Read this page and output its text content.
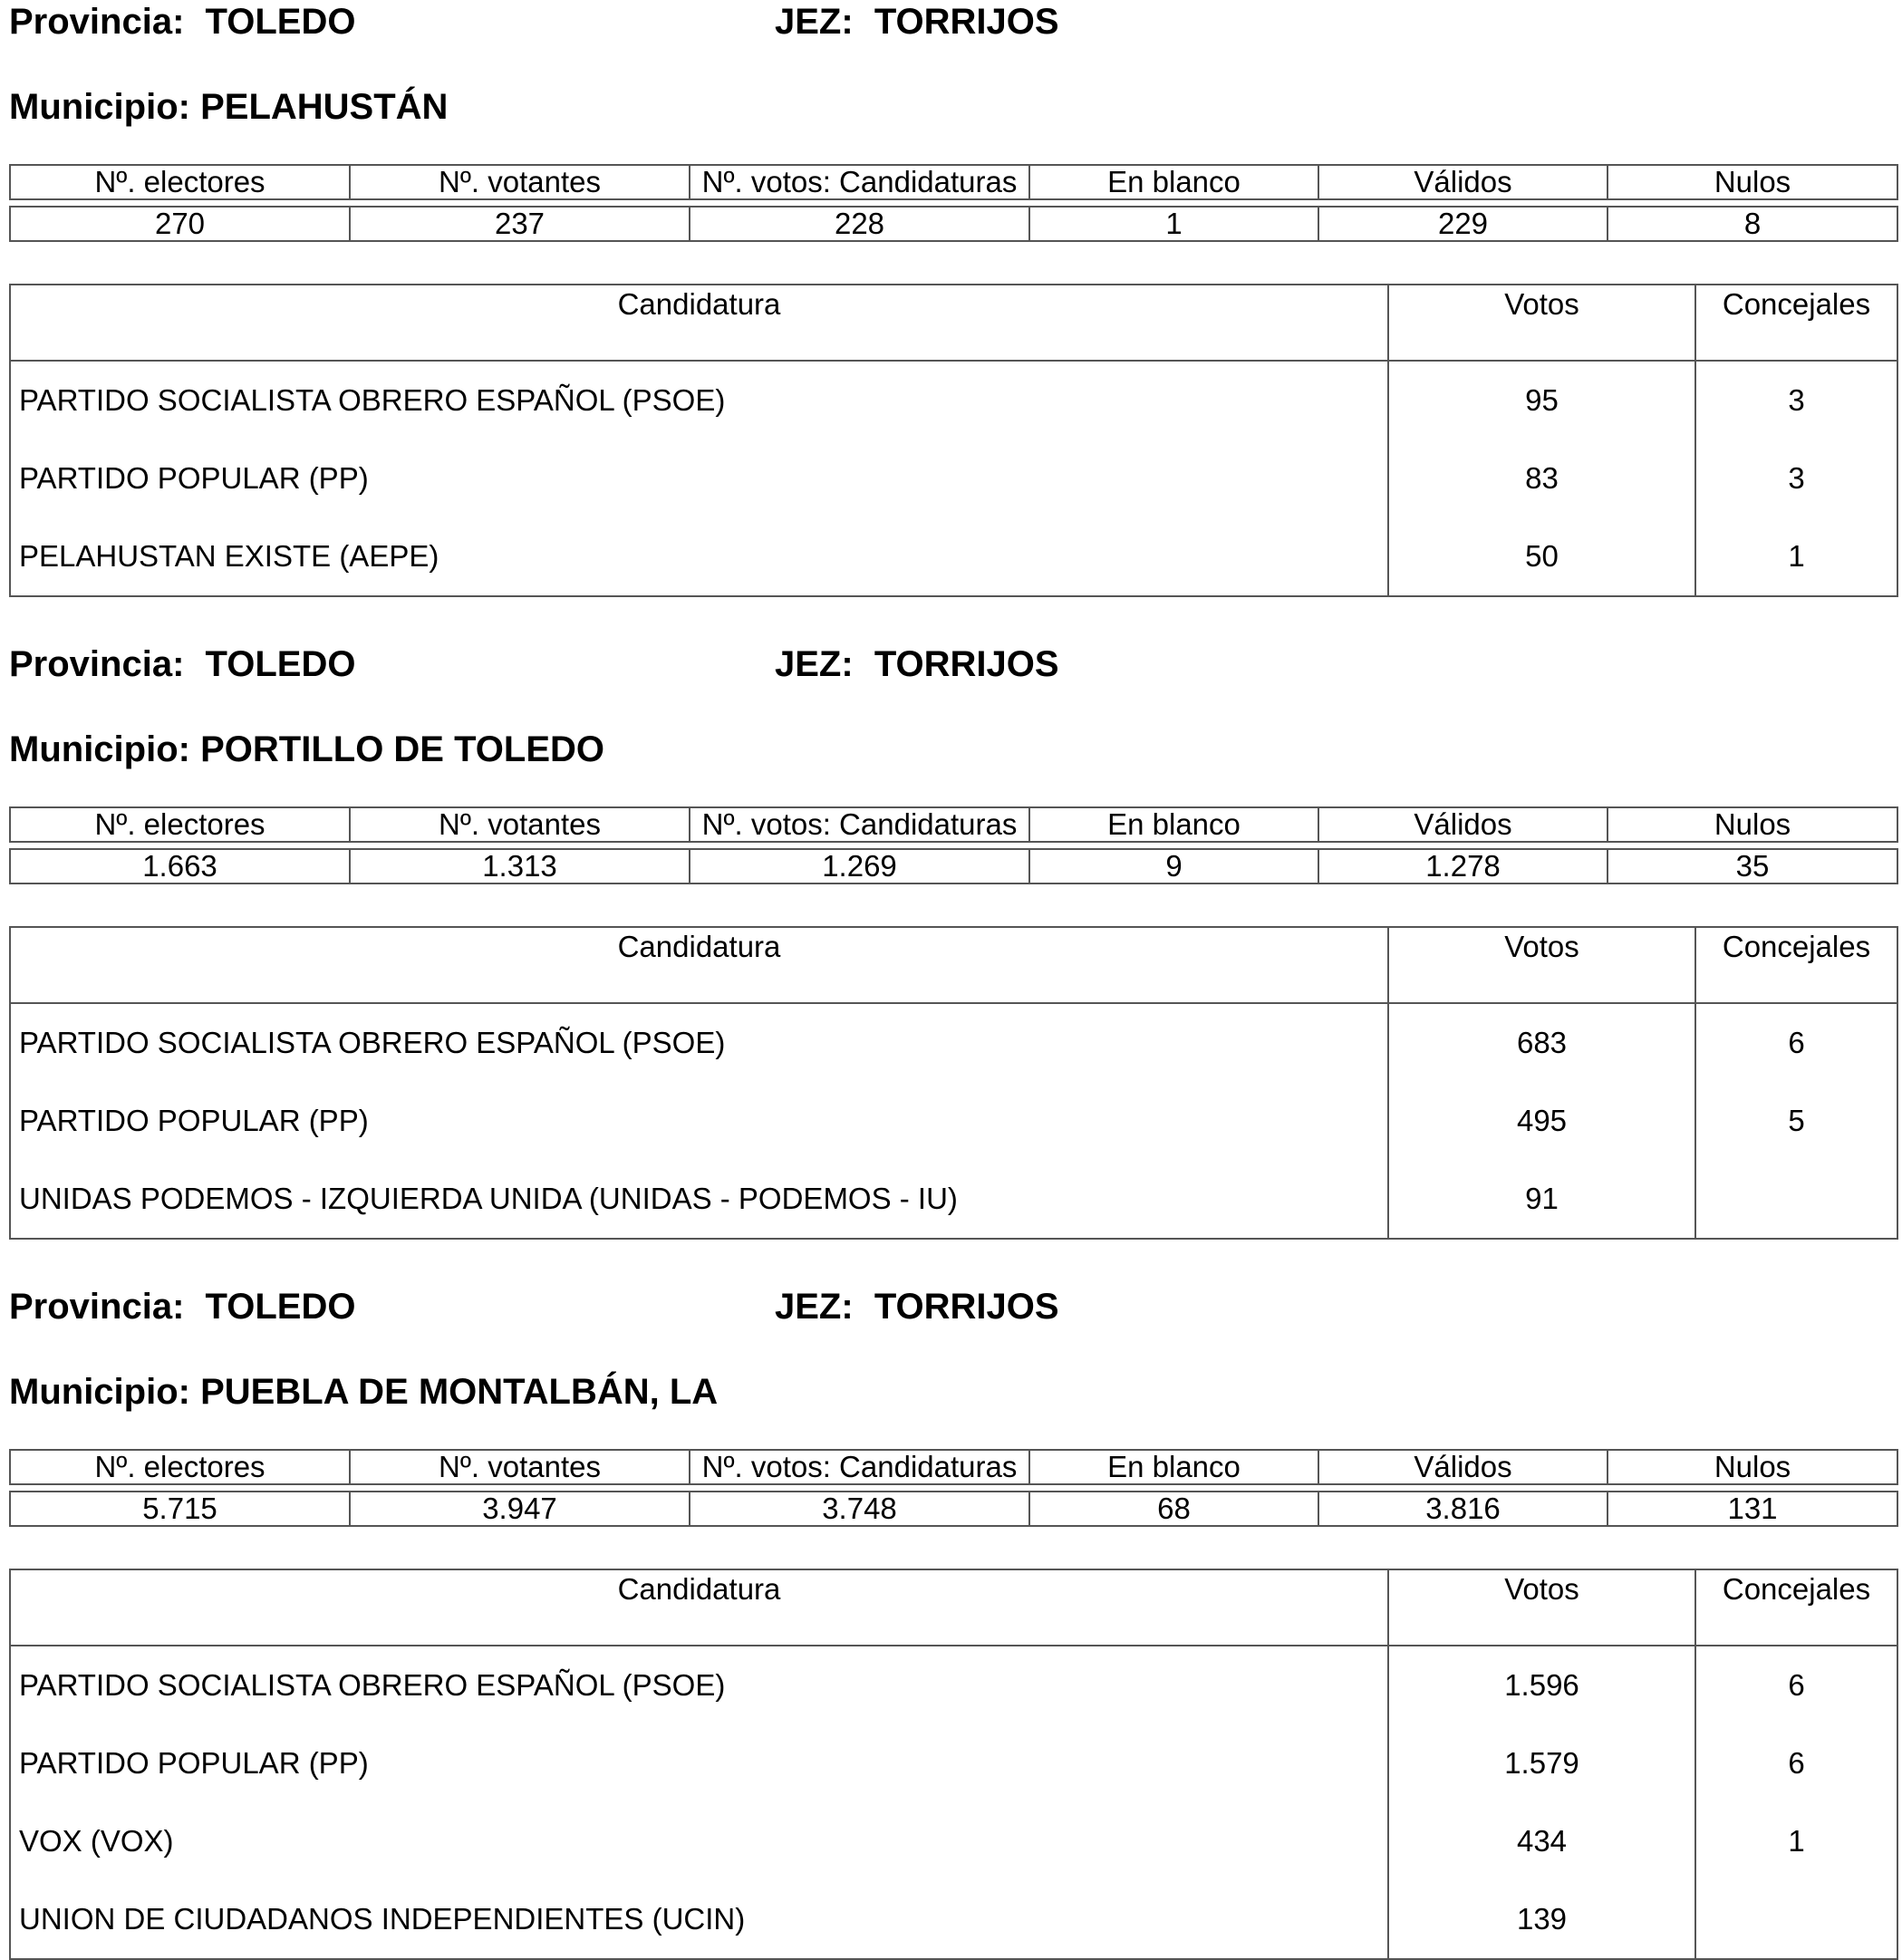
Provincia: TOLEDO	JEZ: TORRIJOS
Municipio: PELAHUSTÁN
Nº. electores	Nº. votantes	Nº. votos: Candidaturas	En blanco	Válidos	Nulos

270	237	228	1	229	8
Candidatura	Votos	Concejales
PARTIDO SOCIALISTA OBRERO ESPAÑOL (PSOE)	95	3
PARTIDO POPULAR (PP)	83	3
PELAHUSTAN EXISTE (AEPE)	50	1
Provincia: TOLEDO	JEZ: TORRIJOS
Municipio: PORTILLO DE TOLEDO
Nº. electores	Nº. votantes	Nº. votos: Candidaturas	En blanco	Válidos	Nulos

1.663	1.313	1.269	9	1.278	35
Candidatura	Votos	Concejales
PARTIDO SOCIALISTA OBRERO ESPAÑOL (PSOE)	683	6
PARTIDO POPULAR (PP)	495	5
UNIDAS PODEMOS - IZQUIERDA UNIDA (UNIDAS - PODEMOS - IU)	91	
Provincia: TOLEDO	JEZ: TORRIJOS
Municipio: PUEBLA DE MONTALBÁN, LA
Nº. electores	Nº. votantes	Nº. votos: Candidaturas	En blanco	Válidos	Nulos

5.715	3.947	3.748	68	3.816	131
Candidatura	Votos	Concejales
PARTIDO SOCIALISTA OBRERO ESPAÑOL (PSOE)	1.596	6
PARTIDO POPULAR (PP)	1.579	6
VOX (VOX)	434	1
UNION DE CIUDADANOS INDEPENDIENTES (UCIN)	139	
